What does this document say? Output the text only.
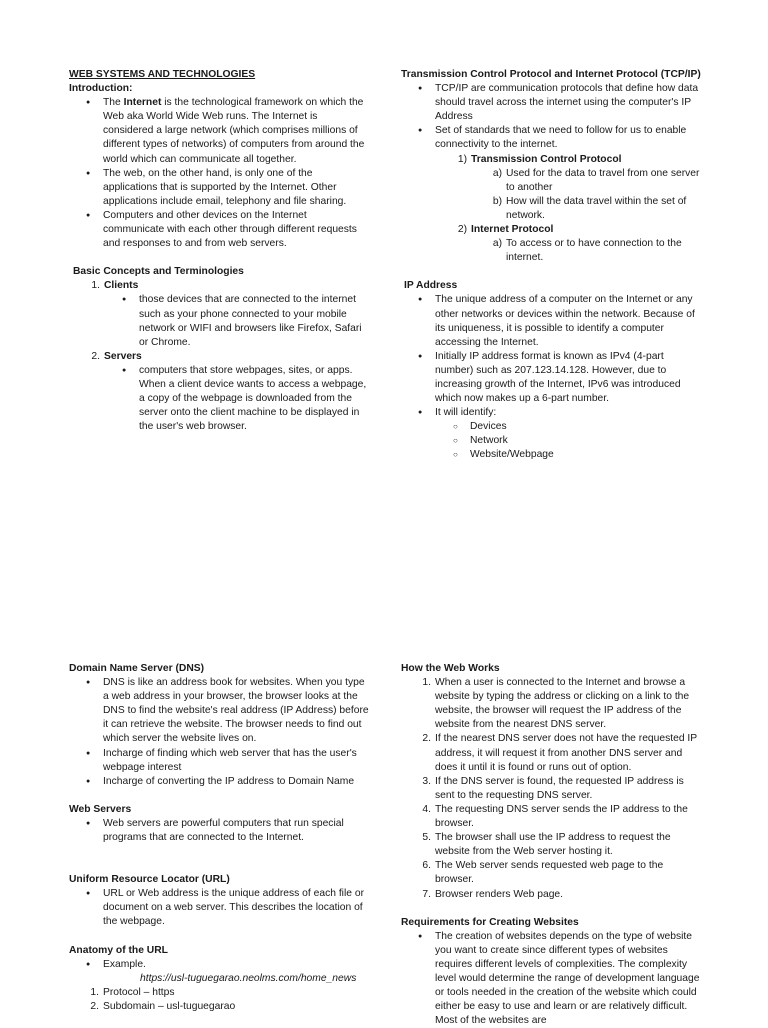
WEB SYSTEMS AND TECHNOLOGIES

Introduction:

● The Internet is the technological framework on which the Web aka World Wide Web runs. The Internet is considered a large network (which comprises millions of different types of networks) of computers from around the world which can communicate all together.
● The web, on the other hand, is only one of the applications that is supported by the Internet. Other applications include email, telephony and file sharing.
● Computers and other devices on the Internet communicate with each other through different requests and responses to and from web servers.

Basic Concepts and Terminologies

1. Clients
● those devices that are connected to the internet such as your phone connected to your mobile network or WIFI and browsers like Firefox, Safari or Chrome.
2. Servers
● computers that store webpages, sites, or apps. When a client device wants to access a webpage, a copy of the webpage is downloaded from the server onto the client machine to be displayed in the user's web browser.

Transmission Control Protocol and Internet Protocol (TCP/IP)

● TCP/IP are communication protocols that define how data should travel across the internet using the computer's IP Address
● Set of standards that we need to follow for us to enable connectivity to the internet.
1) Transmission Control Protocol
a) Used for the data to travel from one server to another
b) How will the data travel within the set of network.
2) Internet Protocol
a) To access or to have connection to the internet.

IP Address

● The unique address of a computer on the Internet or any other networks or devices within the network. Because of its uniqueness, it is possible to identify a computer accessing the Internet.
● Initially IP address format is known as IPv4 (4-part number) such as 207.123.14.128. However, due to increasing growth of the Internet, IPv6 was introduced which now makes up a 6-part number.
● It will identify:
○ Devices
○ Network
○ Website/Webpage

Domain Name Server (DNS)

● DNS is like an address book for websites. When you type a web address in your browser, the browser looks at the DNS to find the website's real address (IP Address) before it can retrieve the website. The browser needs to find out which server the website lives on.
● Incharge of finding which web server that has the user's webpage interest
● Incharge of converting the IP address to Domain Name

Web Servers

● Web servers are powerful computers that run special programs that are connected to the Internet.

Uniform Resource Locator (URL)

● URL or Web address is the unique address of each file or document on a web server. This describes the location of the webpage.

Anatomy of the URL

● Example.

https://usl-tuguegarao.neolms.com/home_news

1. Protocol – https
2. Subdomain – usl-tuguegarao

How the Web Works

1. When a user is connected to the Internet and browse a website by typing the address or clicking on a link to the website, the browser will request the IP address of the website from the nearest DNS server.
2. If the nearest DNS server does not have the requested IP address, it will request it from another DNS server and does it until it is found or runs out of option.
3. If the DNS server is found, the requested IP address is sent to the requesting DNS server.
4. The requesting DNS server sends the IP address to the browser.
5. The browser shall use the IP address to request the website from the Web server hosting it.
6. The Web server sends requested web page to the browser.
7. Browser renders Web page.

Requirements for Creating Websites

● The creation of websites depends on the type of website you want to create since different types of websites requires different levels of complexities. The complexity level would determine the range of development language or tools needed in the creation of the website which could either be easy to use and learn or are relatively difficult. Most of the websites are
